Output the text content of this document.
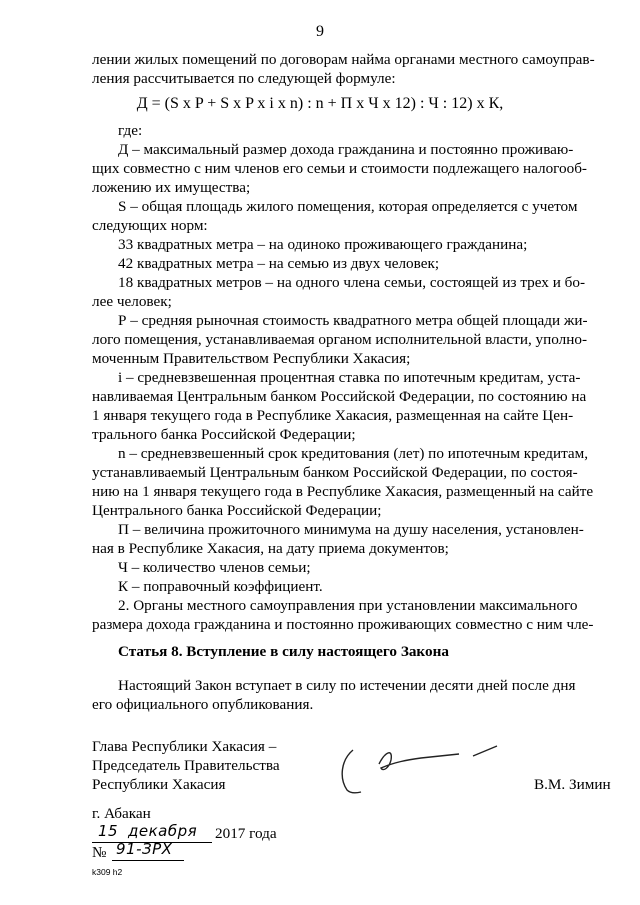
9
лении жилых помещений по договорам найма органами местного самоупрaв-
ления рассчитывается по следующей формуле:
Д = (S x P + S x P x i x n) : n + П x Ч x 12) : Ч : 12) x К,
где:
Д – максимальный размер дохода гражданина и постоянно проживаю-
щих совместно с ним членов его семьи и стоимости подлежащего налогооб-
ложению их имущества;
S – общая площадь жилого помещения, которая определяется с учетом
следующих норм:
33 квадратных метра – на одиноко проживающего гражданина;
42 квадратных метра – на семью из двух человек;
18 квадратных метров – на одного члена семьи, состоящей из трех и бо-
лее человек;
Р – средняя рыночная стоимость квадратного метра общей площади жи-
лого помещения, устанавливаемая органом исполнительной власти, уполно-
моченным Правительством Республики Хакасия;
i – средневзвешенная процентная ставка по ипотечным кредитам, уста-
навливаемая Центральным банком Российской Федерации, по состоянию на
1 января текущего года в Республике Хакасия, размещенная на сайте Цен-
трального банка Российской Федерации;
n – средневзвешенный срок кредитования (лет) по ипотечным кредитам,
устанавливаемый Центральным банком Российской Федерации, по состоя-
нию на 1 января текущего года в Республике Хакасия, размещенный на сайте
Центрального банка Российской Федерации;
П – величина прожиточного минимума на душу населения, установлен-
ная в Республике Хакасия, на дату приема документов;
Ч – количество членов семьи;
К – поправочный коэффициент.
2. Органы местного самоуправления при установлении максимального
размера дохода гражданина и постоянно проживающих совместно с ним чле-
Статья 8. Вступление в силу настоящего Закона
Настоящий Закон вступает в силу по истечении десяти дней после дня
его официального опубликования.
Глава Республики Хакасия –
Председатель Правительства
Республики Хакасия	В.М. Зимин
г. Абакан
15 декабря 2017 года
№ 91-ЗРХ
k309 h2
